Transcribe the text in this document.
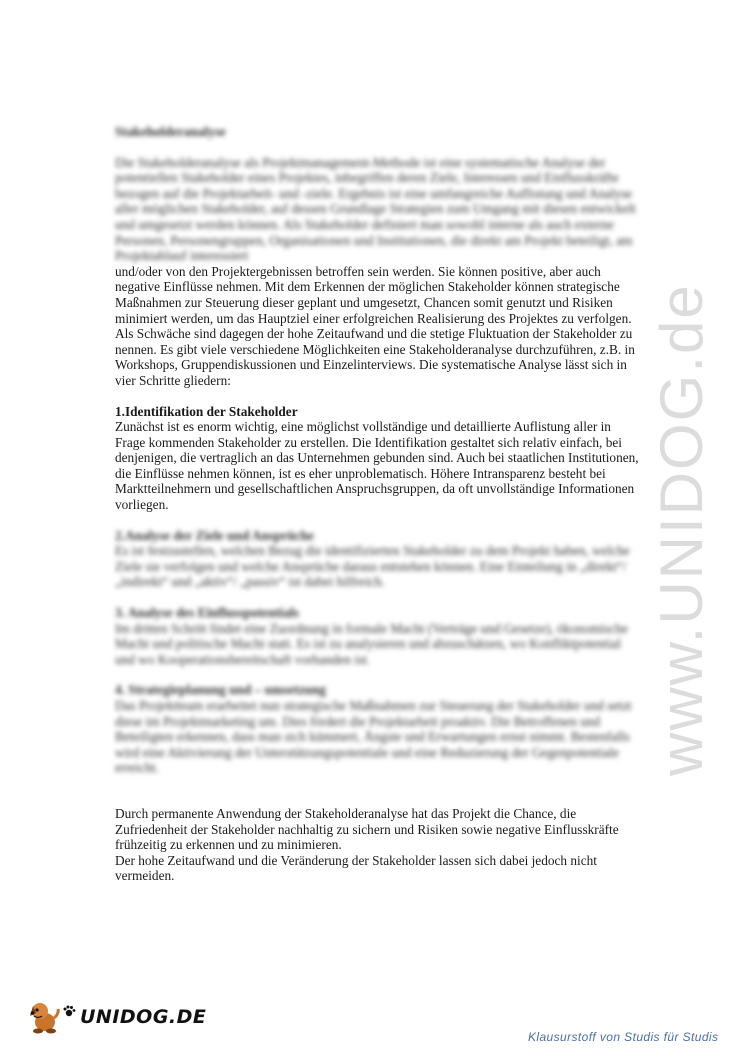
www.UNIDOG.de

Stakeholderanalyse

Die Stakeholderanalyse als Projektmanagement-Methode ist eine systematische Analyse der potentiellen Stakeholder eines Projektes, inbegriffen deren Ziele, Interessen und Einflusskräfte bezogen auf die Projektarbeit- und -ziele. Ergebnis ist eine umfangreiche Auflistung und Analyse aller möglichen Stakeholder, auf dessen Grundlage Strategien zum Umgang mit diesen entwickelt und umgesetzt werden können. Als Stakeholder definiert man sowohl interne als auch externe Personen, Personengruppen, Organisationen und Institutionen, die direkt am Projekt beteiligt, am Projektablauf interessiert

und/oder von den Projektergebnissen betroffen sein werden. Sie können positive, aber auch negative Einflüsse nehmen. Mit dem Erkennen der möglichen Stakeholder können strategische Maßnahmen zur Steuerung dieser geplant und umgesetzt, Chancen somit genutzt und Risiken minimiert werden, um das Hauptziel einer erfolgreichen Realisierung des Projektes zu verfolgen. Als Schwäche sind dagegen der hohe Zeitaufwand und die stetige Fluktuation der Stakeholder zu nennen. Es gibt viele verschiedene Möglichkeiten eine Stakeholderanalyse durchzuführen, z.B. in Workshops, Gruppendiskussionen und Einzelinterviews. Die systematische Analyse lässt sich in vier Schritte gliedern:

1.Identifikation der Stakeholder

Zunächst ist es enorm wichtig, eine möglichst vollständige und detaillierte Auflistung aller in Frage kommenden Stakeholder zu erstellen. Die Identifikation gestaltet sich relativ einfach, bei denjenigen, die vertraglich an das Unternehmen gebunden sind. Auch bei staatlichen Institutionen, die Einflüsse nehmen können, ist es eher unproblematisch. Höhere Intransparenz besteht bei Marktteilnehmern und gesellschaftlichen Anspruchsgruppen, da oft unvollständige Informationen vorliegen.

2.Analyse der Ziele und Ansprüche

Es ist festzustellen, welchen Bezug die identifizierten Stakeholder zu dem Projekt haben, welche Ziele sie verfolgen und welche Ansprüche daraus entstehen können. Eine Einteilung in „direkt“/ „indirekt“ und „aktiv“/ „passiv“ ist dabei hilfreich.

3. Analyse des Einflusspotentials

Im dritten Schritt findet eine Zuordnung in formale Macht (Verträge und Gesetze), ökonomische Macht und politische Macht statt. Es ist zu analysieren und abzuschätzen, wo Konfliktpotential und wo Kooperationsbereitschaft vorhanden ist.

4. Strategieplanung und – umsetzung

Das Projektteam erarbeitet nun strategische Maßnahmen zur Steuerung der Stakeholder und setzt diese im Projektmarketing um. Dies fördert die Projektarbeit proaktiv. Die Betroffenen und Beteiligten erkennen, dass man sich kümmert, Ängste und Erwartungen ernst nimmt. Bestenfalls wird eine Aktivierung der Unterstützungspotentiale und eine Reduzierung der Gegenpotentiale erreicht.

Durch permanente Anwendung der Stakeholderanalyse hat das Projekt die Chance, die Zufriedenheit der Stakeholder nachhaltig zu sichern und Risiken sowie negative Einflusskräfte frühzeitig zu erkennen und zu minimieren.

Der hohe Zeitaufwand und die Veränderung der Stakeholder lassen sich dabei jedoch nicht vermeiden.

UNIDOG.DE
Klausurstoff von Studis für Studis
